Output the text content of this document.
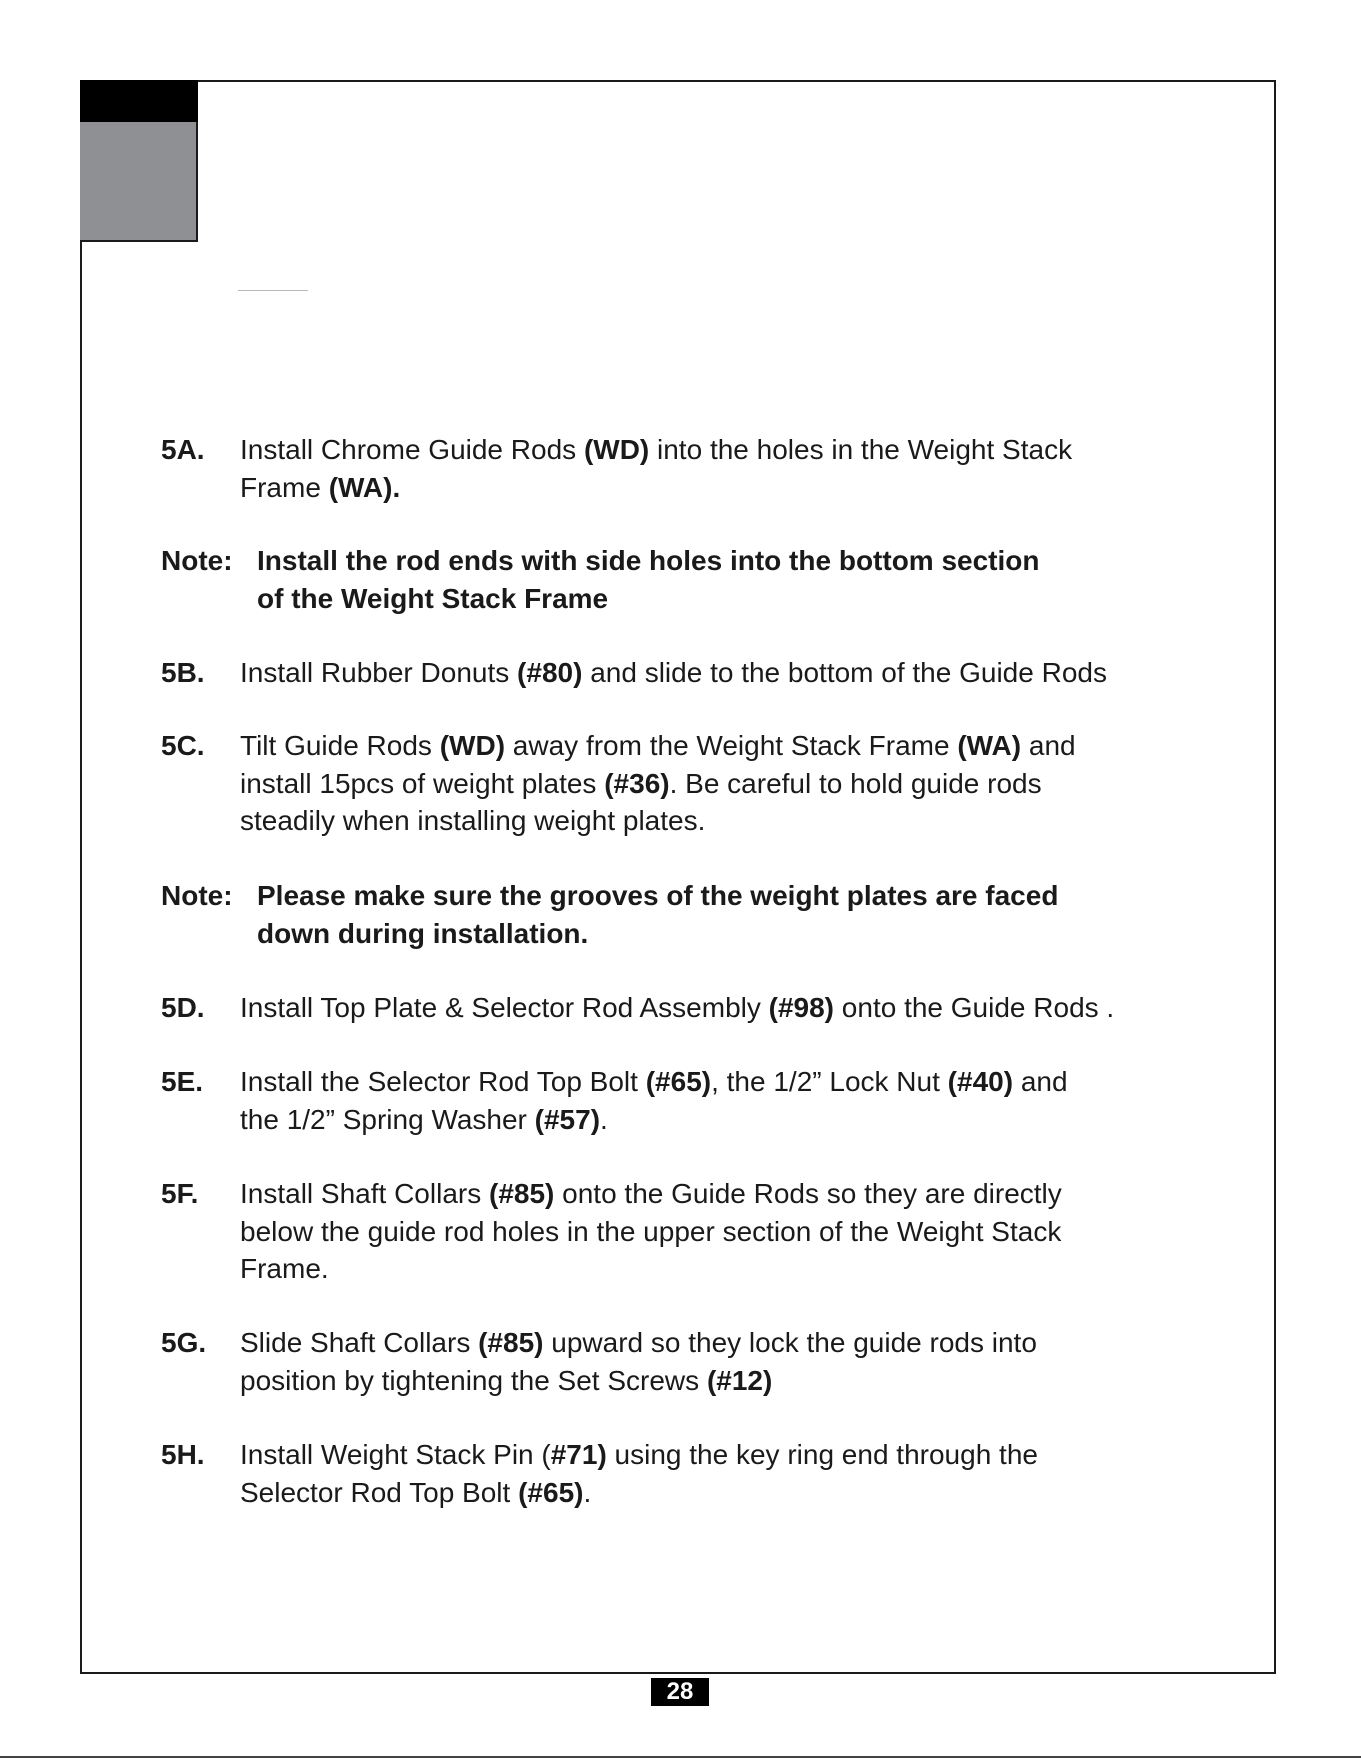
5A. Install Chrome Guide Rods (WD) into the holes in the Weight Stack
Frame (WA).
Note: Install the rod ends with side holes into the bottom section
of the Weight Stack Frame
5B. Install Rubber Donuts (#80) and slide to the bottom of the Guide Rods
5C. Tilt Guide Rods (WD) away from the Weight Stack Frame (WA) and
install 15pcs of weight plates (#36). Be careful to hold guide rods
steadily when installing weight plates.
Note: Please make sure the grooves of the weight plates are faced
down during installation.
5D. Install Top Plate & Selector Rod Assembly (#98) onto the Guide Rods .
5E. Install the Selector Rod Top Bolt (#65), the 1/2” Lock Nut (#40) and
the 1/2” Spring Washer (#57).
5F. Install Shaft Collars (#85) onto the Guide Rods so they are directly
below the guide rod holes in the upper section of the Weight Stack
Frame.
5G. Slide Shaft Collars (#85) upward so they lock the guide rods into
position by tightening the Set Screws (#12)
5H. Install Weight Stack Pin (#71) using the key ring end through the
Selector Rod Top Bolt (#65).
28
